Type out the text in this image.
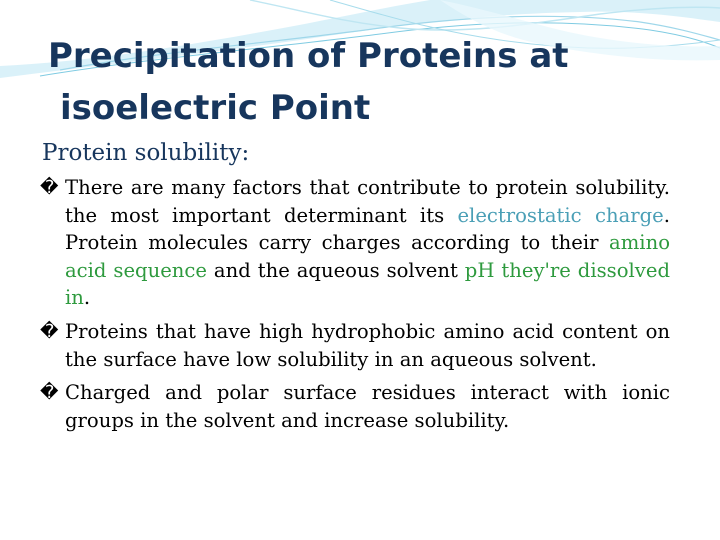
Precipitation of Proteins at
isoelectric Point

Protein solubility:

� There are many factors that contribute to protein solubility. the most important determinant its electrostatic charge. Protein molecules carry charges according to their amino acid sequence and the aqueous solvent pH they're dissolved in.

� Proteins that have high hydrophobic amino acid content on the surface have low solubility in an aqueous solvent.

� Charged and polar surface residues interact with ionic groups in the solvent and increase solubility.
